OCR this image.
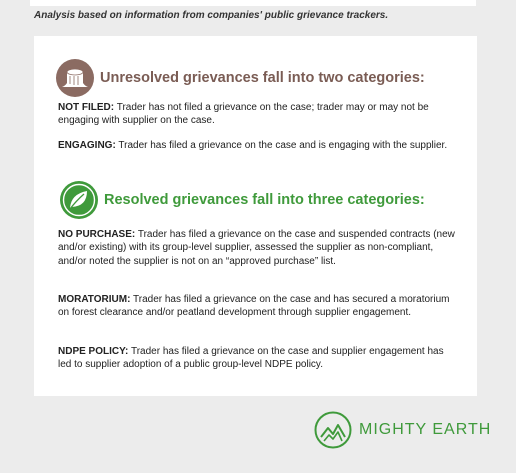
Analysis based on information from companies' public grievance trackers.
Unresolved grievances fall into two categories:
NOT FILED: Trader has not filed a grievance on the case; trader may or may not be engaging with supplier on the case.
ENGAGING: Trader has filed a grievance on the case and is engaging with the supplier.
Resolved grievances fall into three categories:
NO PURCHASE: Trader has filed a grievance on the case and suspended contracts (new and/or existing) with its group-level supplier, assessed the supplier as non-compliant, and/or noted the supplier is not on an “approved purchase” list.
MORATORIUM: Trader has filed a grievance on the case and has secured a moratorium on forest clearance and/or peatland development through supplier engagement.
NDPE POLICY: Trader has filed a grievance on the case and supplier engagement has led to supplier adoption of a public group-level NDPE policy.
MIGHTY EARTH
